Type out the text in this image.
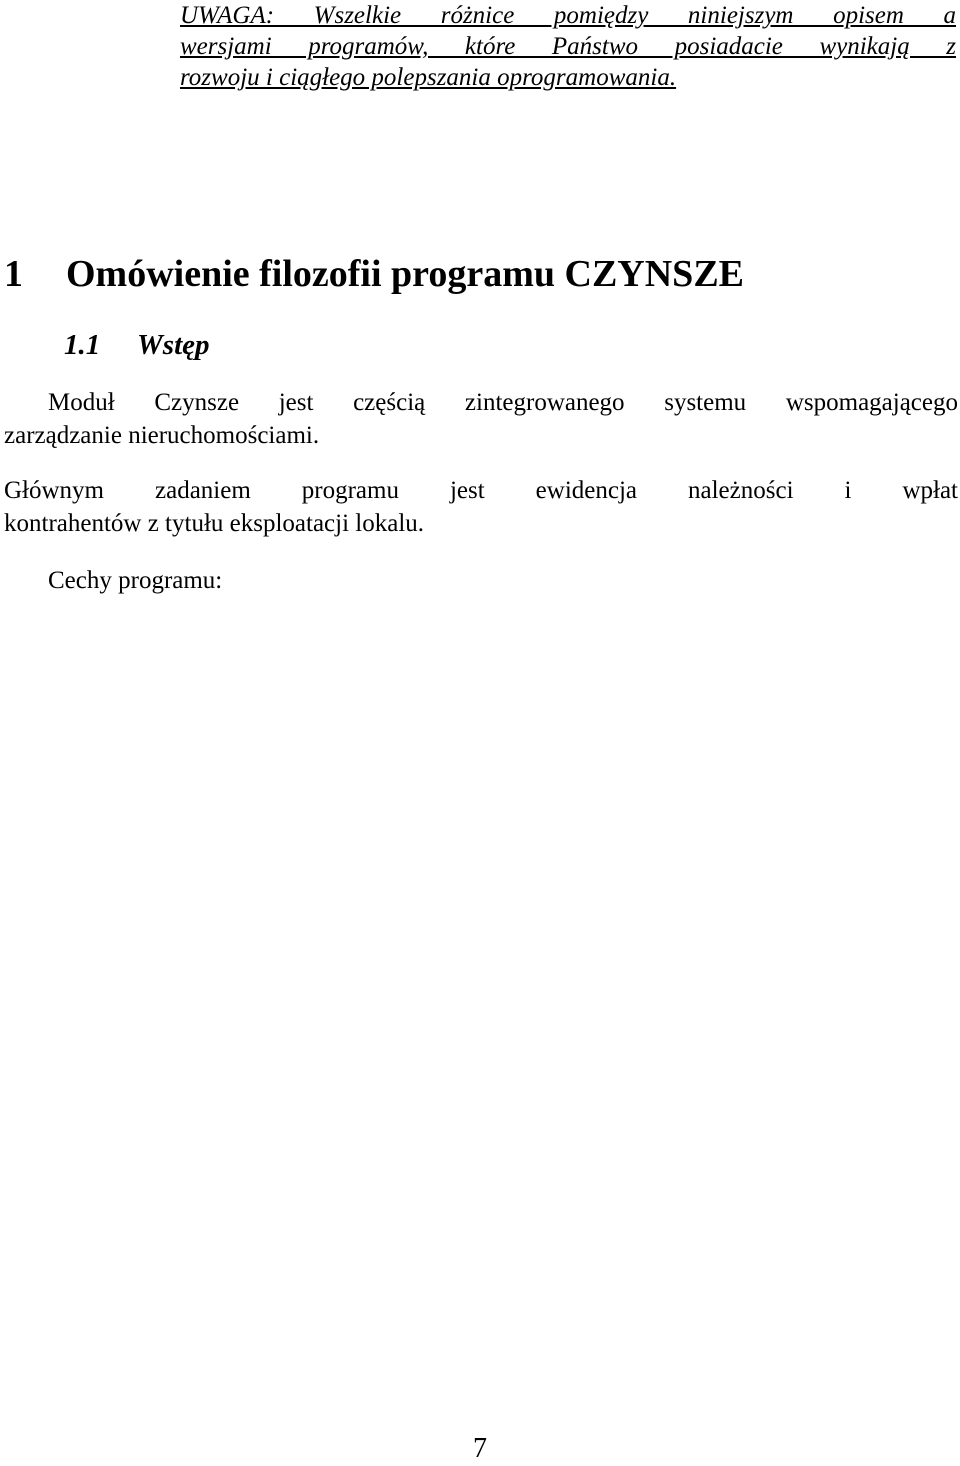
UWAGA: Wszelkie różnice pomiędzy niniejszym opisem a
wersjami programów, które Państwo posiadacie wynikają z
rozwoju i ciągłego polepszania oprogramowania.
1 Omówienie filozofii programu CZYNSZE
1.1 Wstęp
Moduł Czynsze jest częścią zintegrowanego systemu wspomagającego
zarządzanie nieruchomościami.
Głównym zadaniem programu jest ewidencja należności i wpłat
kontrahentów z tytułu eksploatacji lokalu.
Cechy programu:
7
